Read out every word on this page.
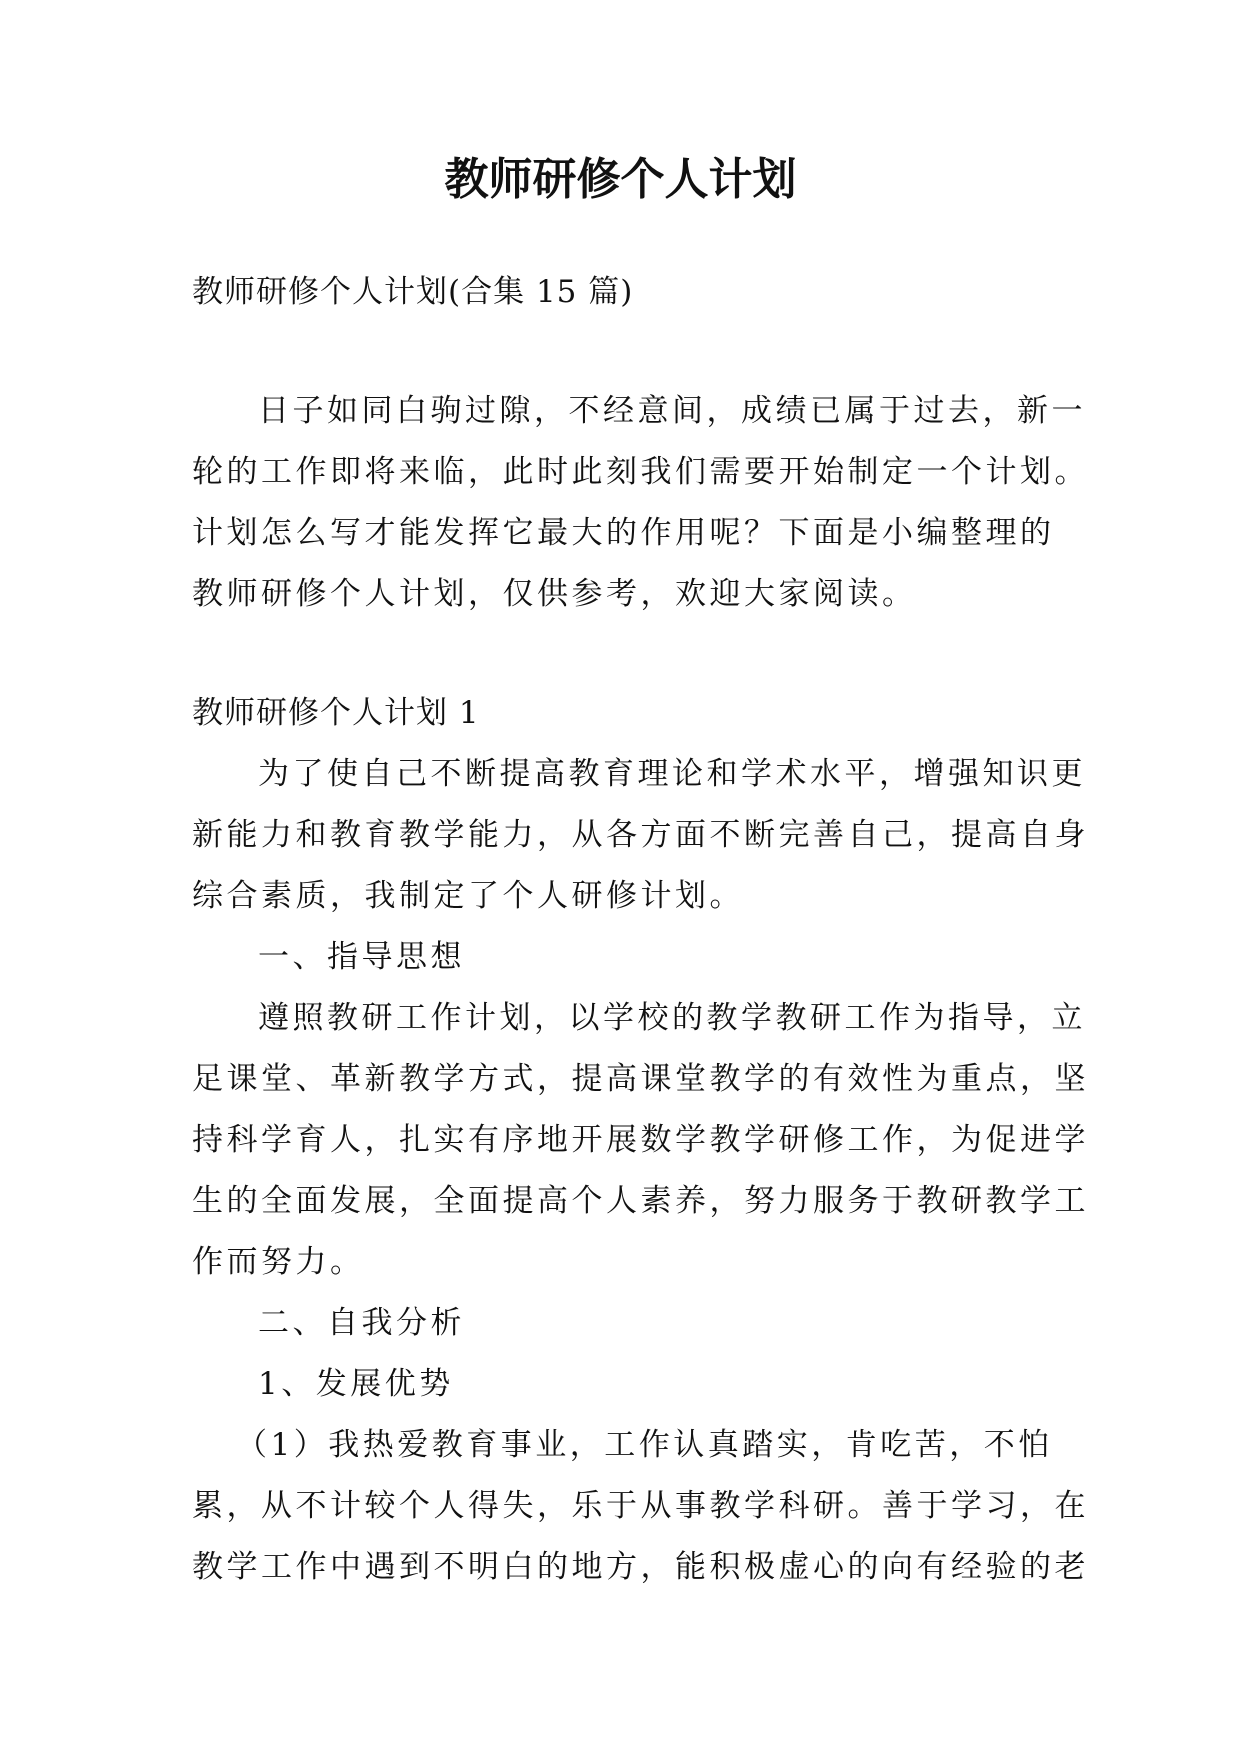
教师研修个人计划

教师研修个人计划(合集 15 篇)

日子如同白驹过隙，不经意间，成绩已属于过去，新一

轮的工作即将来临，此时此刻我们需要开始制定一个计划。

计划怎么写才能发挥它最大的作用呢？下面是小编整理的

教师研修个人计划，仅供参考，欢迎大家阅读。

教师研修个人计划 1

为了使自己不断提高教育理论和学术水平，增强知识更

新能力和教育教学能力，从各方面不断完善自己，提高自身

综合素质，我制定了个人研修计划。

一、指导思想

遵照教研工作计划，以学校的教学教研工作为指导，立

足课堂、革新教学方式，提高课堂教学的有效性为重点，坚

持科学育人，扎实有序地开展数学教学研修工作，为促进学

生的全面发展，全面提高个人素养，努力服务于教研教学工

作而努力。

二、自我分析

1、发展优势

（1）我热爱教育事业，工作认真踏实，肯吃苦，不怕

累，从不计较个人得失，乐于从事教学科研。善于学习，在

教学工作中遇到不明白的地方，能积极虚心的向有经验的老
